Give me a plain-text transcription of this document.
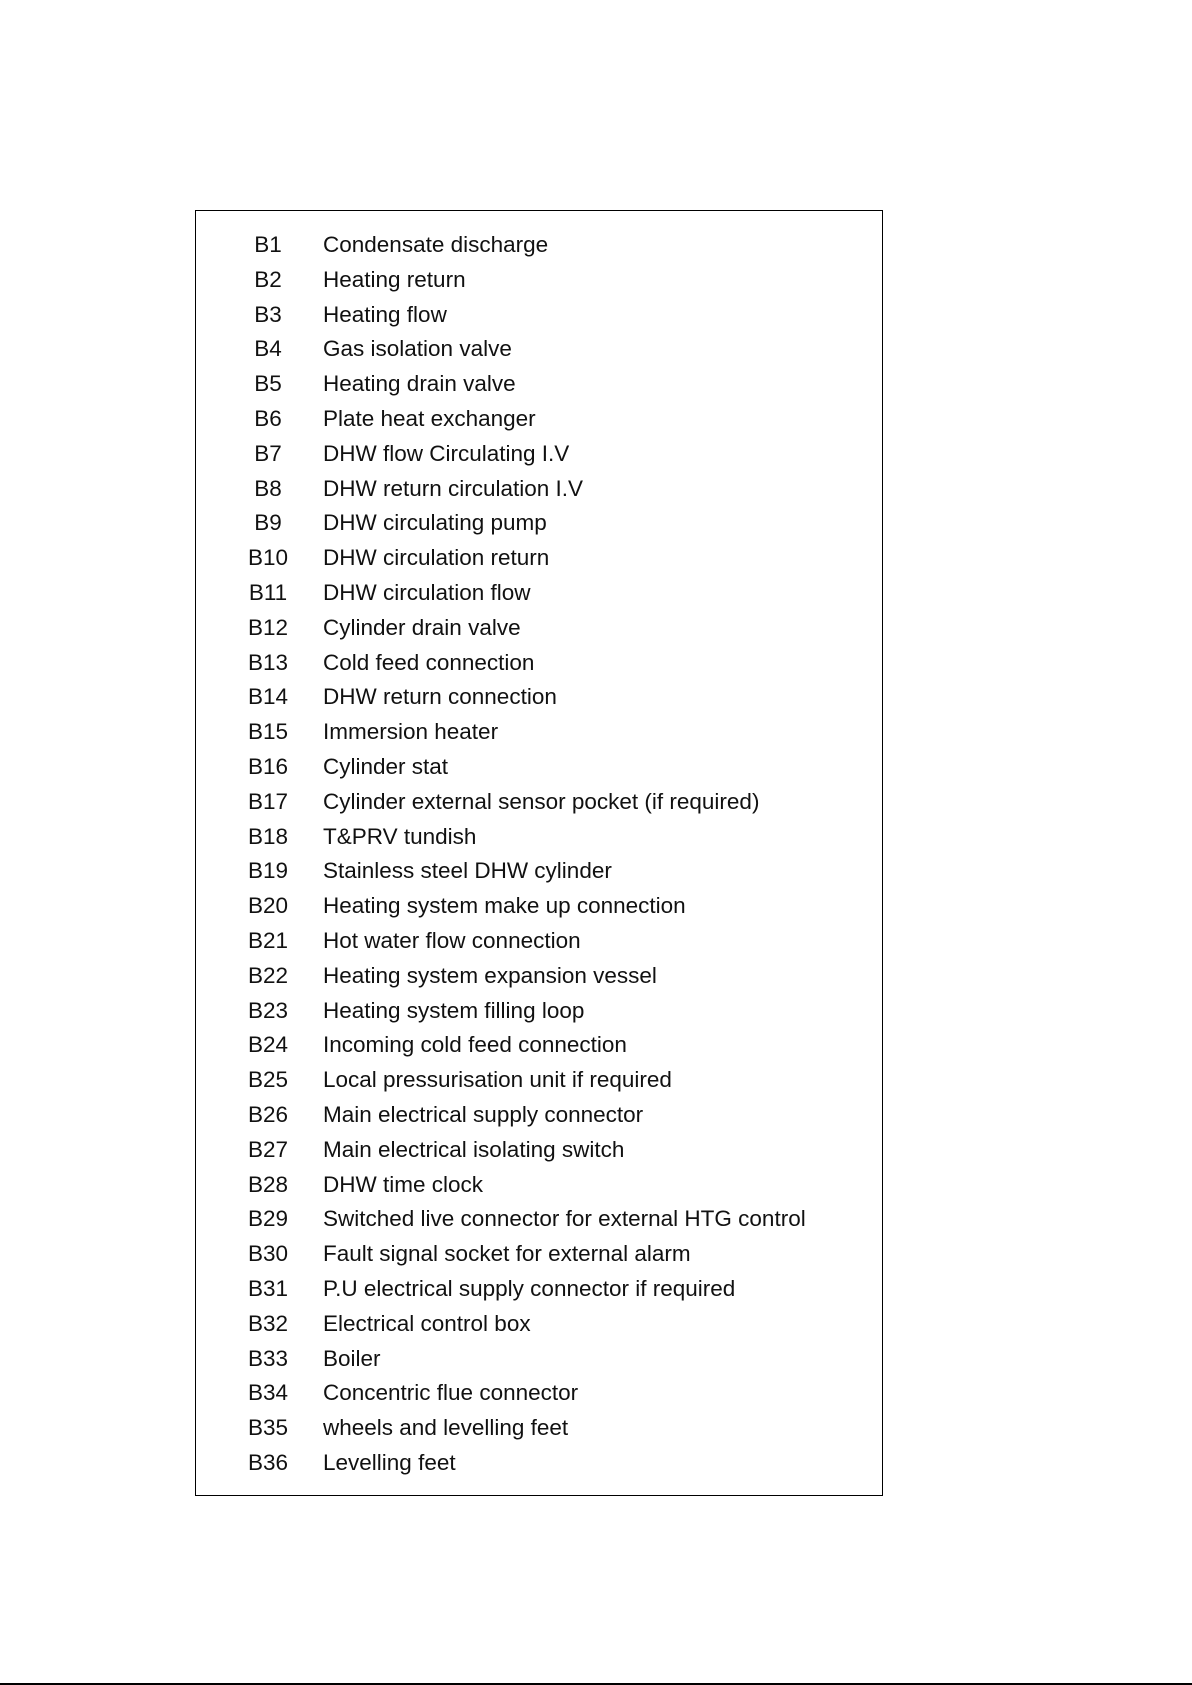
B1	Condensate discharge
B2	Heating return
B3	Heating flow
B4	Gas isolation valve
B5	Heating drain valve
B6	Plate heat exchanger
B7	DHW flow Circulating I.V
B8	DHW return circulation I.V
B9	DHW circulating pump
B10	DHW circulation return
B11	DHW circulation flow
B12	Cylinder drain valve
B13	Cold feed connection
B14	DHW return connection
B15	Immersion heater
B16	Cylinder stat
B17	Cylinder external sensor pocket (if required)
B18	T&PRV tundish
B19	Stainless steel DHW cylinder
B20	Heating system make up connection
B21	Hot water flow connection
B22	Heating system expansion vessel
B23	Heating system filling loop
B24	Incoming cold feed connection
B25	Local pressurisation unit if required
B26	Main electrical supply connector
B27	Main electrical isolating switch
B28	DHW time clock
B29	Switched live connector for external HTG control
B30	Fault signal socket for external alarm
B31	P.U electrical supply connector if required
B32	Electrical control box
B33	Boiler
B34	Concentric flue connector
B35	wheels and levelling feet
B36	Levelling feet
